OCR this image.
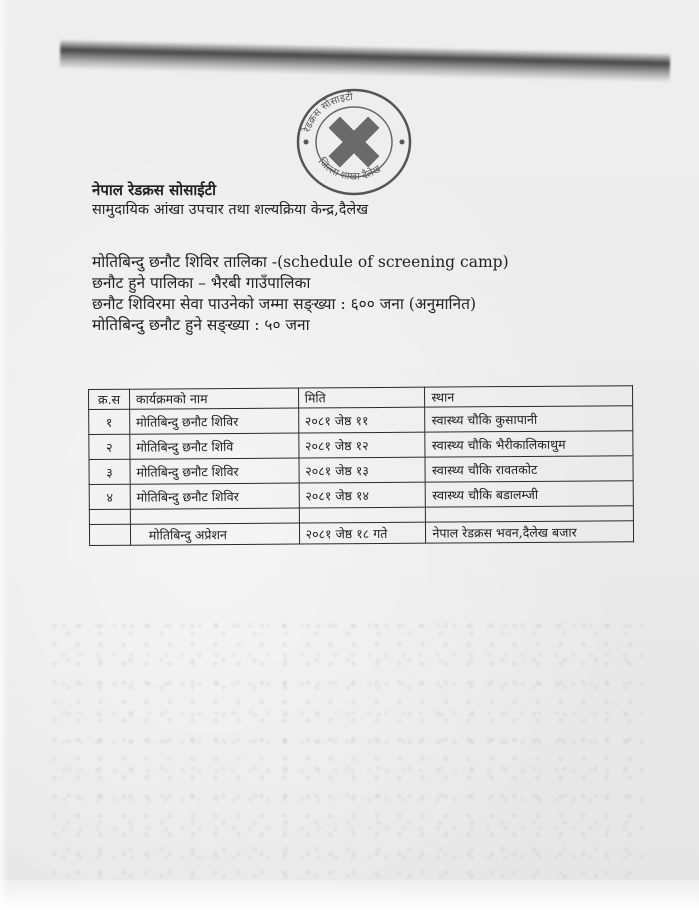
रेडक्रस सोसाइटी
जिल्ला शाखा दैलेख
नेपाल रेडक्रस सोसाईटी
सामुदायिक आंखा उपचार तथा शल्यक्रिया केन्द्र,दैलेख
मोतिबिन्दु छनौट शिविर तालिका -(schedule of screening camp)
छनौट हुने पालिका – भैरबी गाउँपालिका
छनौट शिविरमा सेवा पाउनेको जम्मा सङ्ख्या : ६०० जना (अनुमानित)
मोतिबिन्दु छनौट हुने सङ्ख्या : ५० जना
क्र.स	कार्यक्रमको नाम	मिति	स्थान
१	मोतिबिन्दु छनौट शिविर	२०८१ जेष्ठ ११	स्वास्थ्य चौकि कुसापानी
२	मोतिबिन्दु छनौट शिवि	२०८१ जेष्ठ १२	स्वास्थ्य चौकि भैरीकालिकाथुम
३	मोतिबिन्दु छनौट शिविर	२०८१ जेष्ठ १३	स्वास्थ्य चौकि रावतकोट
४	मोतिबिन्दु छनौट शिविर	२०८१ जेष्ठ १४	स्वास्थ्य चौकि बडालम्जी

	मोतिबिन्दु अप्रेशन	२०८१ जेष्ठ १८ गते	नेपाल रेडक्रस भवन,दैलेख बजार
